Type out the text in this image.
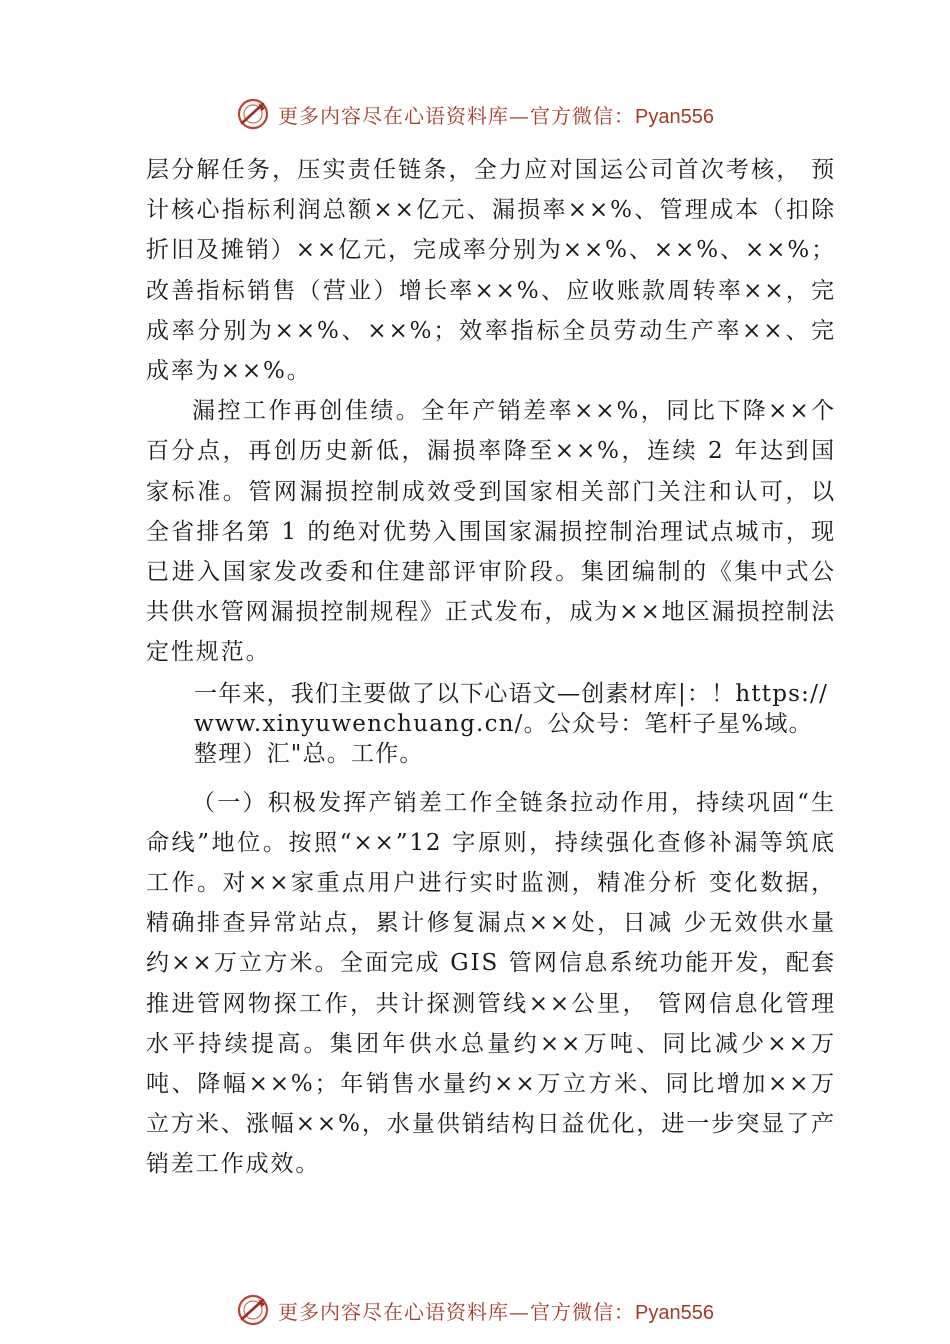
更多内容尽在心语资料库—官方微信：Pyan556

层分解任务，压实责任链条，全力应对国运公司首次考核， 预计核心指标利润总额××亿元、漏损率××%、管理成本（扣除折旧及摊销）××亿元，完成率分别为××%、××%、××%；改善指标销售（营业）增长率××%、应收账款周转率××，完成率分别为××%、××%；效率指标全员劳动生产率××、完成率为××%。

漏控工作再创佳绩。全年产销差率××%，同比下降××个百分点，再创历史新低，漏损率降至××%，连续 2 年达到国家标准。管网漏损控制成效受到国家相关部门关注和认可，以全省排名第 1 的绝对优势入围国家漏损控制治理试点城市，现已进入国家发改委和住建部评审阶段。集团编制的《集中式公共供水管网漏损控制规程》正式发布，成为××地区漏损控制法定性规范。

一年来，我们主要做了以下心语文—创素材库|：！https://www.xinyuwenchuang.cn/。公众号：笔杆子星%域。整理）汇"总。工作。

（一）积极发挥产销差工作全链条拉动作用，持续巩固“生命线”地位。按照“××”12 字原则，持续强化查修补漏等筑底工作。对××家重点用户进行实时监测，精准分析 变化数据，精确排查异常站点，累计修复漏点××处，日减 少无效供水量约××万立方米。全面完成 GIS 管网信息系统功能开发，配套推进管网物探工作，共计探测管线××公里， 管网信息化管理水平持续提高。集团年供水总量约××万吨、同比减少××万吨、降幅××%；年销售水量约××万立方米、同比增加××万立方米、涨幅××%，水量供销结构日益优化，进一步突显了产销差工作成效。

更多内容尽在心语资料库—官方微信：Pyan556
